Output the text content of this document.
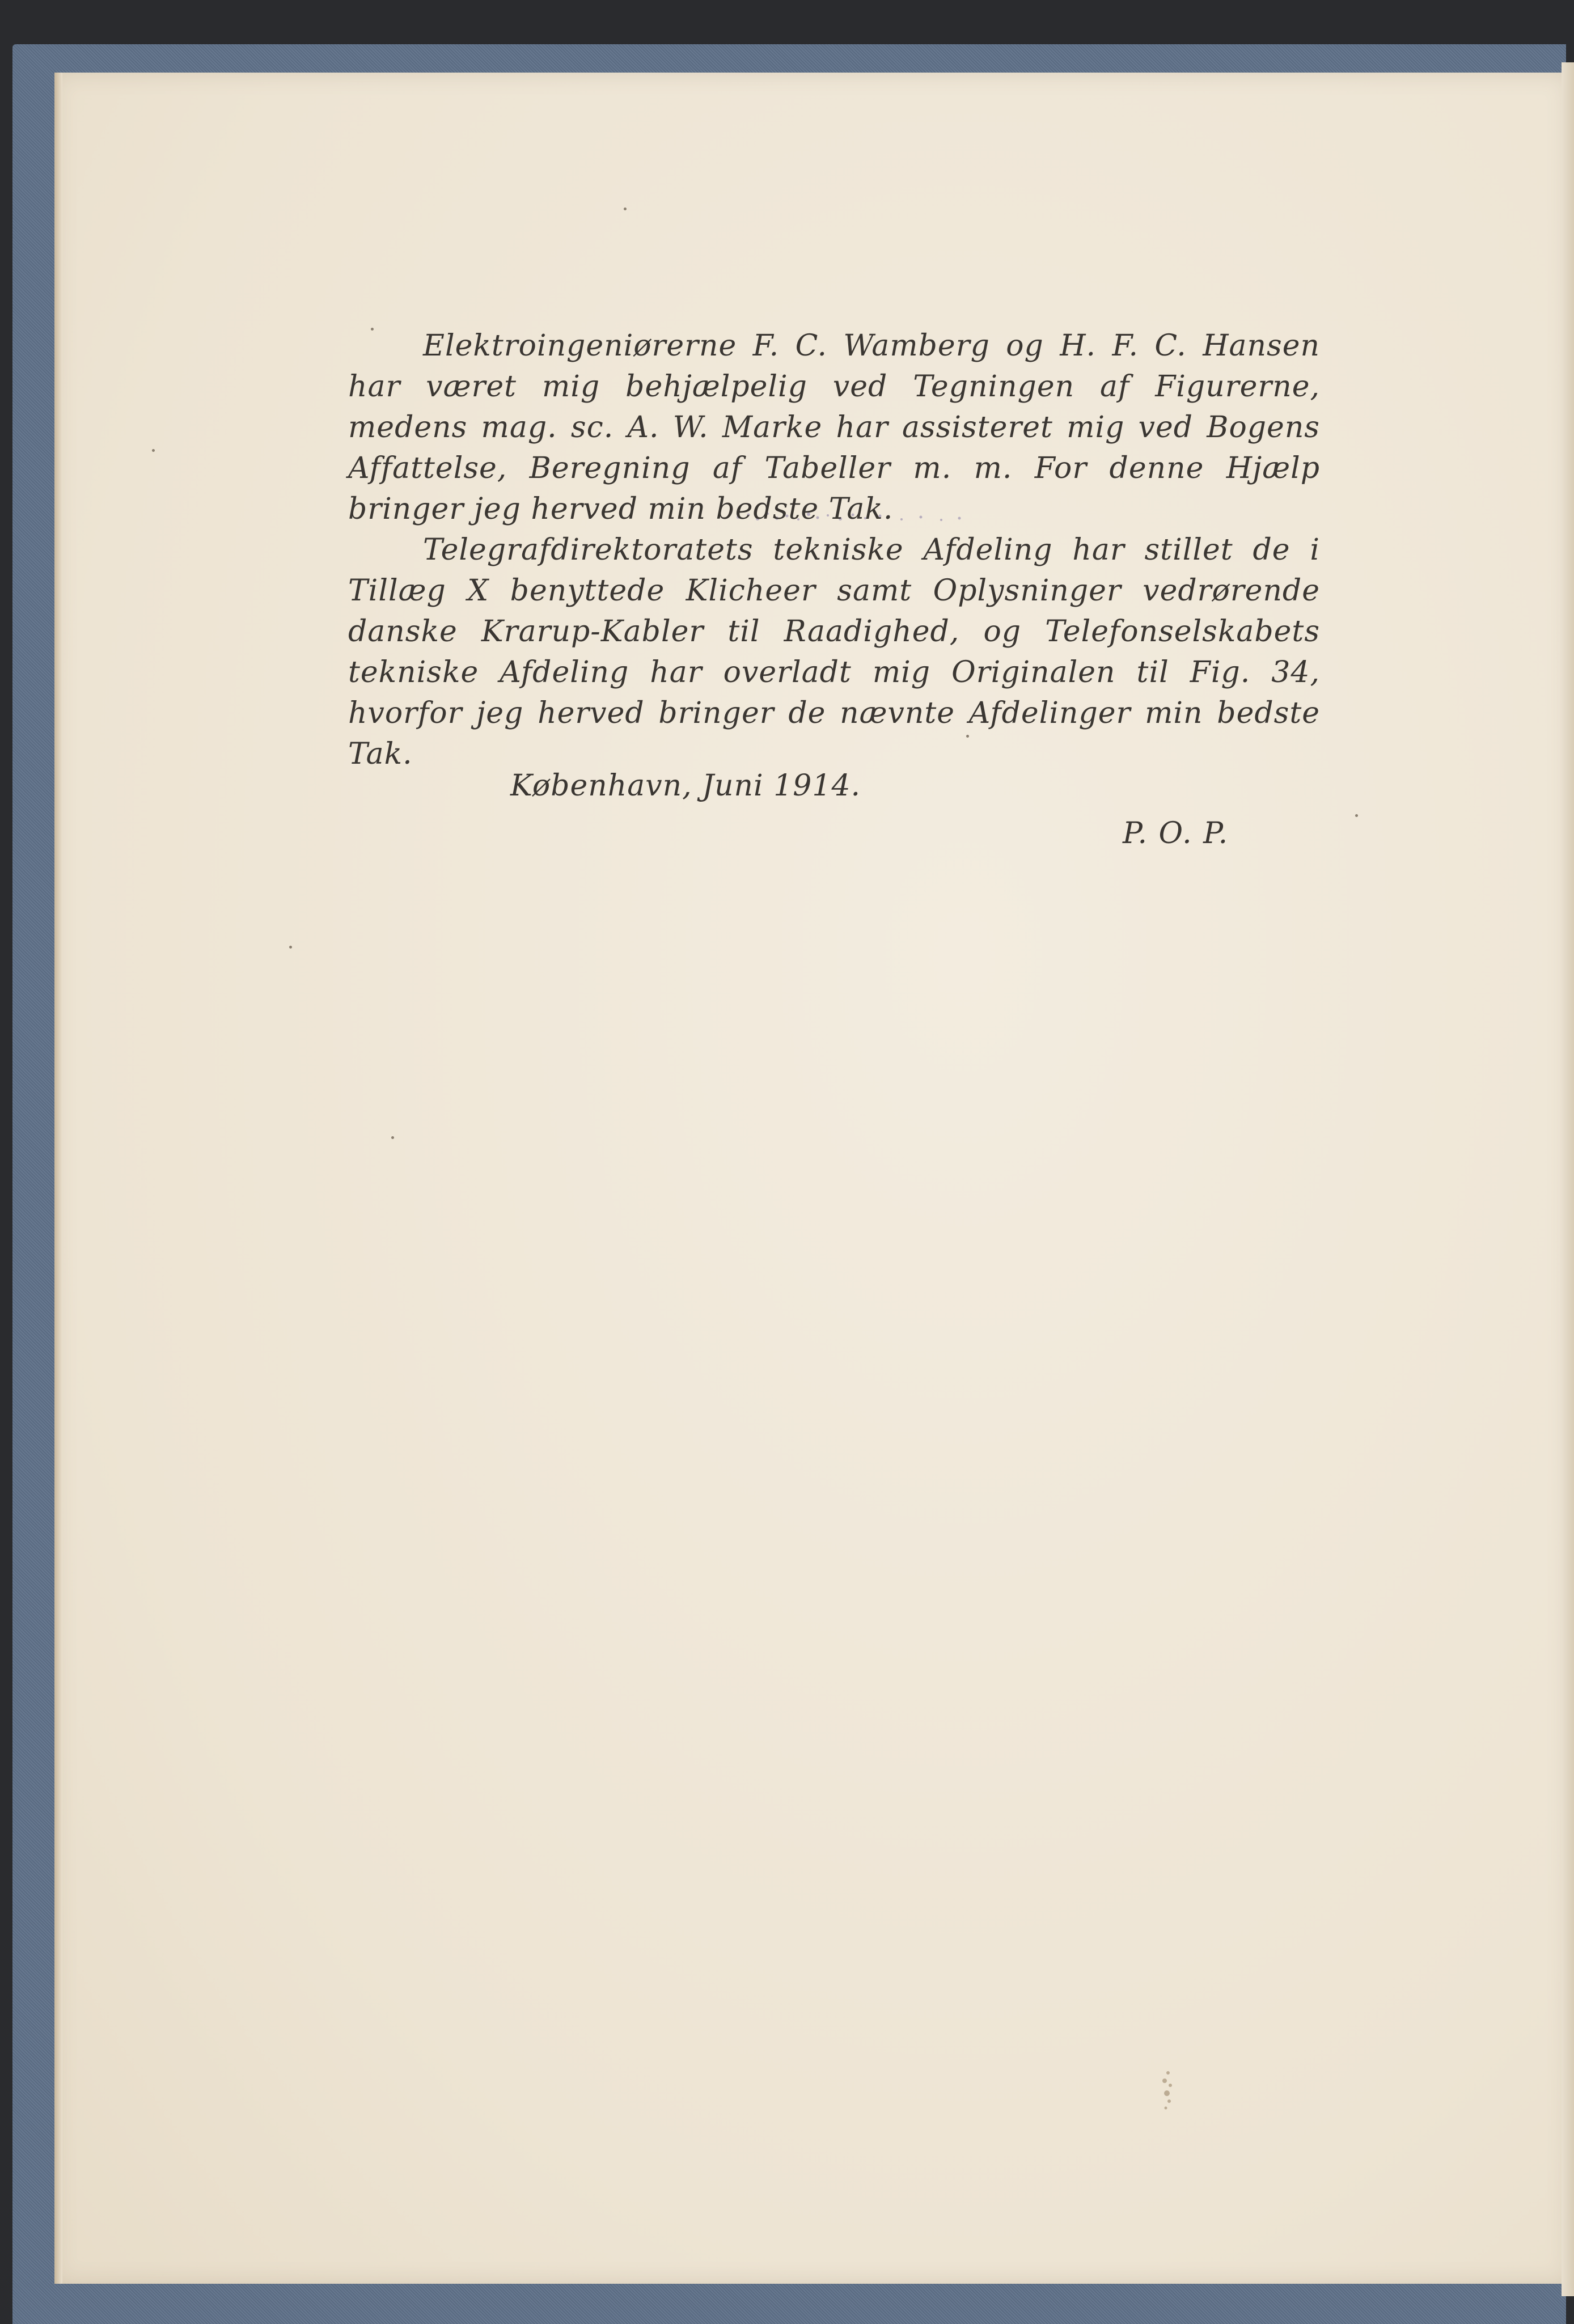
Elektroingeniørerne F. C. Wamberg og H. F. C. Hansen har været mig behjælpelig ved Tegningen af Figurerne, medens mag. sc. A. W. Marke har assisteret mig ved Bogens Affattelse, Beregning af Tabeller m. m. For denne Hjælp bringer jeg herved min bedste Tak.

Telegrafdirektoratets tekniske Afdeling har stillet de i Tillæg X benyttede Klicheer samt Oplysninger vedrørende danske Krarup-Kabler til Raadighed, og Telefonselskabets tekniske Afdeling har overladt mig Originalen til Fig. 34, hvorfor jeg herved bringer de nævnte Afdelinger min bedste Tak.

København, Juni 1914.
P. O. P.
